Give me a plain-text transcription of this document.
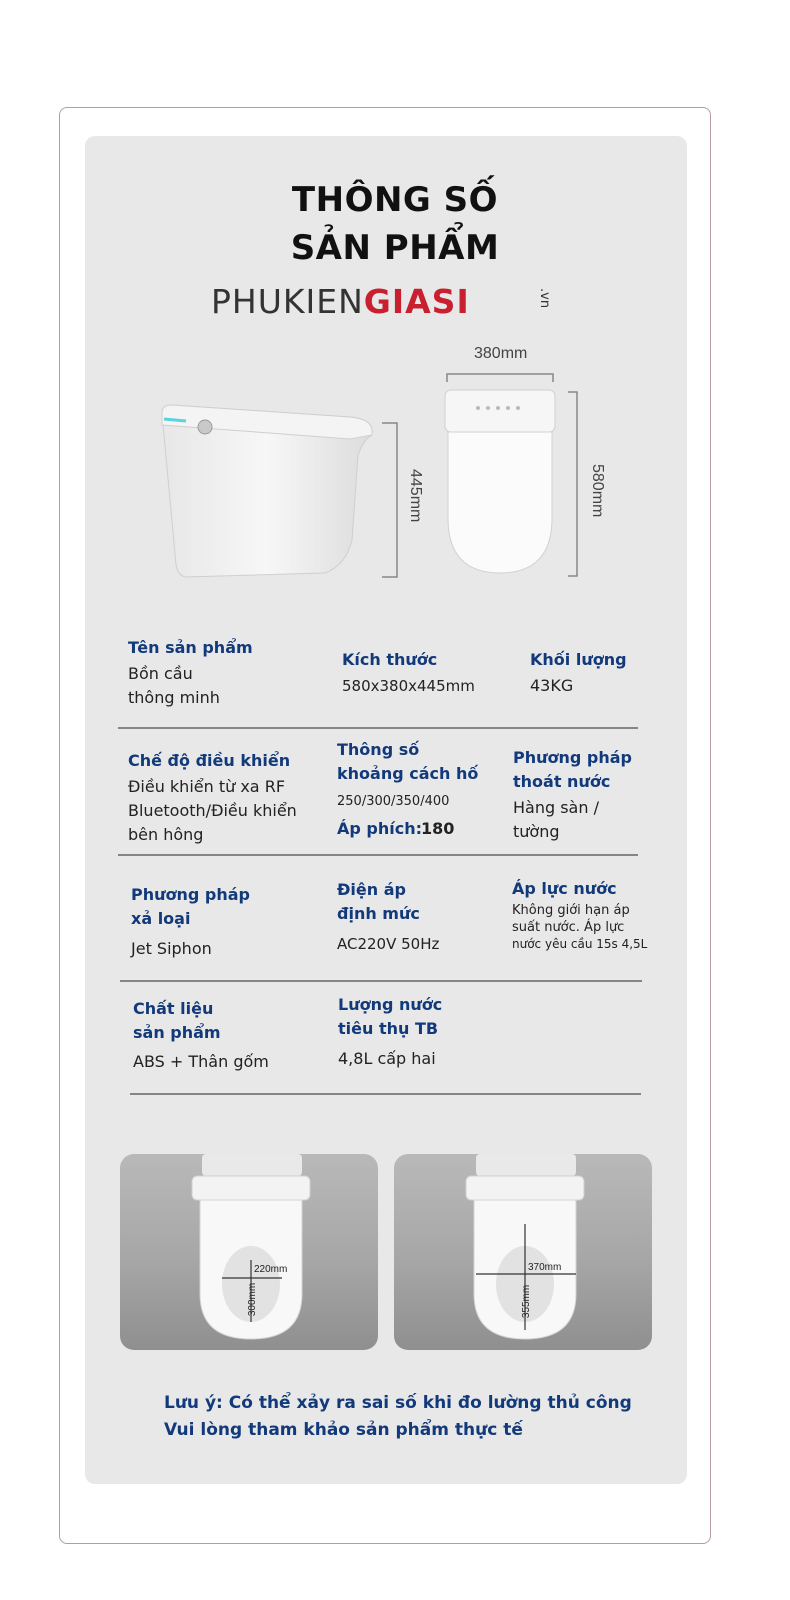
THÔNG SỐ
SẢN PHẨM
PHUKIENGIASI	.vn
445mm
380mm
580mm
Tên sản phẩm
Bồn cầu
thông minh
Kích thước
580x380x445mm
Khối lượng
43KG
Chế độ điều khiển
Điều khiển từ xa RF
Bluetooth/Điều khiển
bên hông
Thông số
khoảng cách hố
250/300/350/400
Áp phích:
180
Phương pháp
thoát nước
Hàng sàn /
tường
Phương pháp
xả loại
Jet Siphon
Điện áp
định mức
AC220V 50Hz
Áp lực nước
Không giới hạn áp
suất nước. Áp lực
nước yêu cầu 15s 4,5L
Chất liệu
sản phẩm
ABS + Thân gốm
Lượng nước
tiêu thụ TB
4,8L cấp hai
220mm
300mm
370mm
355mm
Lưu ý: Có thể xảy ra sai số khi đo lường thủ công
Vui lòng tham khảo sản phẩm thực tế
